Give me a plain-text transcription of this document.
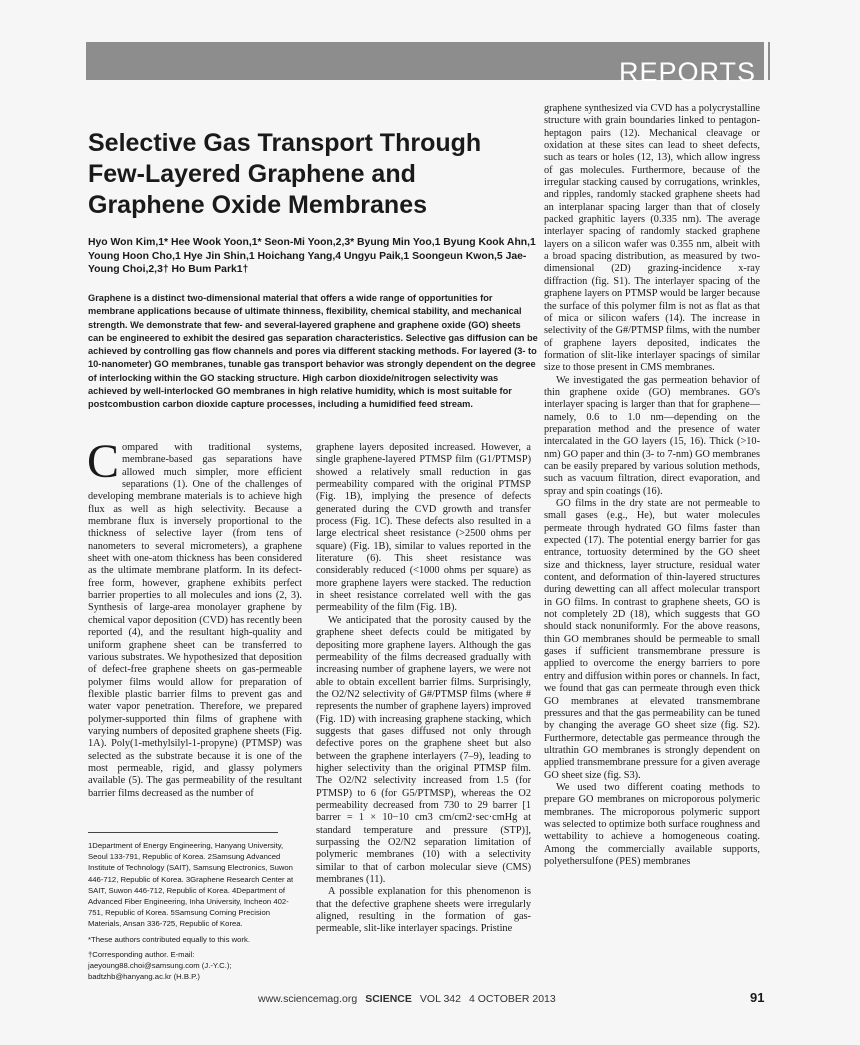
REPORTS
Selective Gas Transport Through Few-Layered Graphene and Graphene Oxide Membranes

Hyo Won Kim,1* Hee Wook Yoon,1* Seon-Mi Yoon,2,3* Byung Min Yoo,1 Byung Kook Ahn,1 Young Hoon Cho,1 Hye Jin Shin,1 Hoichang Yang,4 Ungyu Paik,1 Soongeun Kwon,5 Jae-Young Choi,2,3† Ho Bum Park1†

Graphene is a distinct two-dimensional material that offers a wide range of opportunities for membrane applications because of ultimate thinness, flexibility, chemical stability, and mechanical strength. We demonstrate that few- and several-layered graphene and graphene oxide (GO) sheets can be engineered to exhibit the desired gas separation characteristics. Selective gas diffusion can be achieved by controlling gas flow channels and pores via different stacking methods. For layered (3- to 10-nanometer) GO membranes, tunable gas transport behavior was strongly dependent on the degree of interlocking within the GO stacking structure. High carbon dioxide/nitrogen selectivity was achieved by well-interlocked GO membranes in high relative humidity, which is most suitable for postcombustion carbon dioxide capture processes, including a humidified feed stream.

Compared with traditional systems, membrane-based gas separations have allowed much simpler, more efficient separations (1). One of the challenges of developing membrane materials is to achieve high flux as well as high selectivity. Because a membrane flux is inversely proportional to the thickness of selective layer (from tens of nanometers to several micrometers), a graphene sheet with one-atom thickness has been considered as the ultimate membrane platform. In its defect-free form, however, graphene exhibits perfect barrier properties to all molecules and ions (2, 3). Synthesis of large-area monolayer graphene by chemical vapor deposition (CVD) has recently been reported (4), and the resultant high-quality and uniform graphene sheet can be transferred to various substrates. We hypothesized that deposition of defect-free graphene sheets on gas-permeable polymer films would allow for preparation of flexible plastic barrier films to prevent gas and water vapor penetration. Therefore, we prepared polymer-supported thin films of graphene with varying numbers of deposited graphene sheets (Fig. 1A). Poly(1-methylsilyl-1-propyne) (PTMSP) was selected as the substrate because it is one of the most permeable, rigid, and glassy polymers available (5). The gas permeability of the resultant barrier films decreased as the number of

graphene layers deposited increased. However, a single graphene-layered PTMSP film (G1/PTMSP) showed a relatively small reduction in gas permeability compared with the original PTMSP (Fig. 1B), implying the presence of defects generated during the CVD growth and transfer process (Fig. 1C). These defects also resulted in a large electrical sheet resistance (>2500 ohms per square) (Fig. 1B), similar to values reported in the literature (6). This sheet resistance was considerably reduced (<1000 ohms per square) as more graphene layers were stacked. The reduction in sheet resistance correlated well with the gas permeability of the film (Fig. 1B).

We anticipated that the porosity caused by the graphene sheet defects could be mitigated by depositing more graphene layers. Although the gas permeability of the films decreased gradually with increasing number of graphene layers, we were not able to obtain excellent barrier films. Surprisingly, the O2/N2 selectivity of G#/PTMSP films (where # represents the number of graphene layers) improved (Fig. 1D) with increasing graphene stacking, which suggests that gases diffused not only through defective pores on the graphene sheet but also between the graphene interlayers (7–9), leading to higher selectivity than the original PTMSP film. The O2/N2 selectivity increased from 1.5 (for PTMSP) to 6 (for G5/PTMSP), whereas the O2 permeability decreased from 730 to 29 barrer [1 barrer = 1 × 10−10 cm3 cm/cm2·sec·cmHg at standard temperature and pressure (STP)], surpassing the O2/N2 separation limitation of polymeric membranes (10) with a selectivity similar to that of carbon molecular sieve (CMS) membranes (11).

A possible explanation for this phenomenon is that the defective graphene sheets were irregularly aligned, resulting in the formation of gas-permeable, slit-like interlayer spacings. Pristine

graphene synthesized via CVD has a polycrystalline structure with grain boundaries linked to pentagon-heptagon pairs (12). Mechanical cleavage or oxidation at these sites can lead to sheet defects, such as tears or holes (12, 13), which allow ingress of gas molecules. Furthermore, because of the irregular stacking caused by corrugations, wrinkles, and ripples, randomly stacked graphene sheets had an interplanar spacing larger than that of closely packed graphitic layers (0.335 nm). The average interlayer spacing of randomly stacked graphene layers on a silicon wafer was 0.355 nm, albeit with a broad spacing distribution, as measured by two-dimensional (2D) grazing-incidence x-ray diffraction (fig. S1). The interlayer spacing of the graphene layers on PTMSP would be larger because the surface of this polymer film is not as flat as that of mica or silicon wafers (14). The increase in selectivity of the G#/PTMSP films, with the number of graphene layers deposited, indicates the formation of slit-like interlayer spacings of similar size to those present in CMS membranes.

We investigated the gas permeation behavior of thin graphene oxide (GO) membranes. GO's interlayer spacing is larger than that for graphene—namely, 0.6 to 1.0 nm—depending on the preparation method and the presence of water intercalated in the GO layers (15, 16). Thick (>10-nm) GO paper and thin (3- to 7-nm) GO membranes can be easily prepared by various solution methods, such as vacuum filtration, direct evaporation, and spray and spin coatings (16).

GO films in the dry state are not permeable to small gases (e.g., He), but water molecules permeate through hydrated GO films faster than expected (17). The potential energy barrier for gas entrance, tortuosity determined by the GO sheet size and thickness, layer structure, residual water content, and deformation of thin-layered structures during dewetting can all affect molecular transport in GO films. In contrast to graphene sheets, GO is not completely 2D (18), which suggests that GO should stack nonuniformly. For the above reasons, thin GO membranes should be permeable to small gases if sufficient transmembrane pressure is applied to overcome the energy barriers to pore entry and diffusion within pores or channels. In fact, we found that gas can permeate through even thick GO membranes at elevated transmembrane pressures and that the gas permeability can be tuned by changing the average GO sheet size (fig. S2). Furthermore, detectable gas permeance through the ultrathin GO membranes is strongly dependent on applied transmembrane pressure for a given average GO sheet size (fig. S3).

We used two different coating methods to prepare GO membranes on microporous polymeric membranes. The microporous polymeric support was selected to optimize both surface roughness and wettability to achieve a homogeneous coating. Among the commercially available supports, polyethersulfone (PES) membranes

1Department of Energy Engineering, Hanyang University, Seoul 133-791, Republic of Korea. 2Samsung Advanced Institute of Technology (SAIT), Samsung Electronics, Suwon 446-712, Republic of Korea. 3Graphene Research Center at SAIT, Suwon 446-712, Republic of Korea. 4Department of Advanced Fiber Engineering, Inha University, Incheon 402-751, Republic of Korea. 5Samsung Corning Precision Materials, Ansan 336-725, Republic of Korea.

*These authors contributed equally to this work.

†Corresponding author. E-mail: jaeyoung88.choi@samsung.com (J.-Y.C.); badtzhb@hanyang.ac.kr (H.B.P.)

www.sciencemag.org SCIENCE VOL 342 4 OCTOBER 2013	91
